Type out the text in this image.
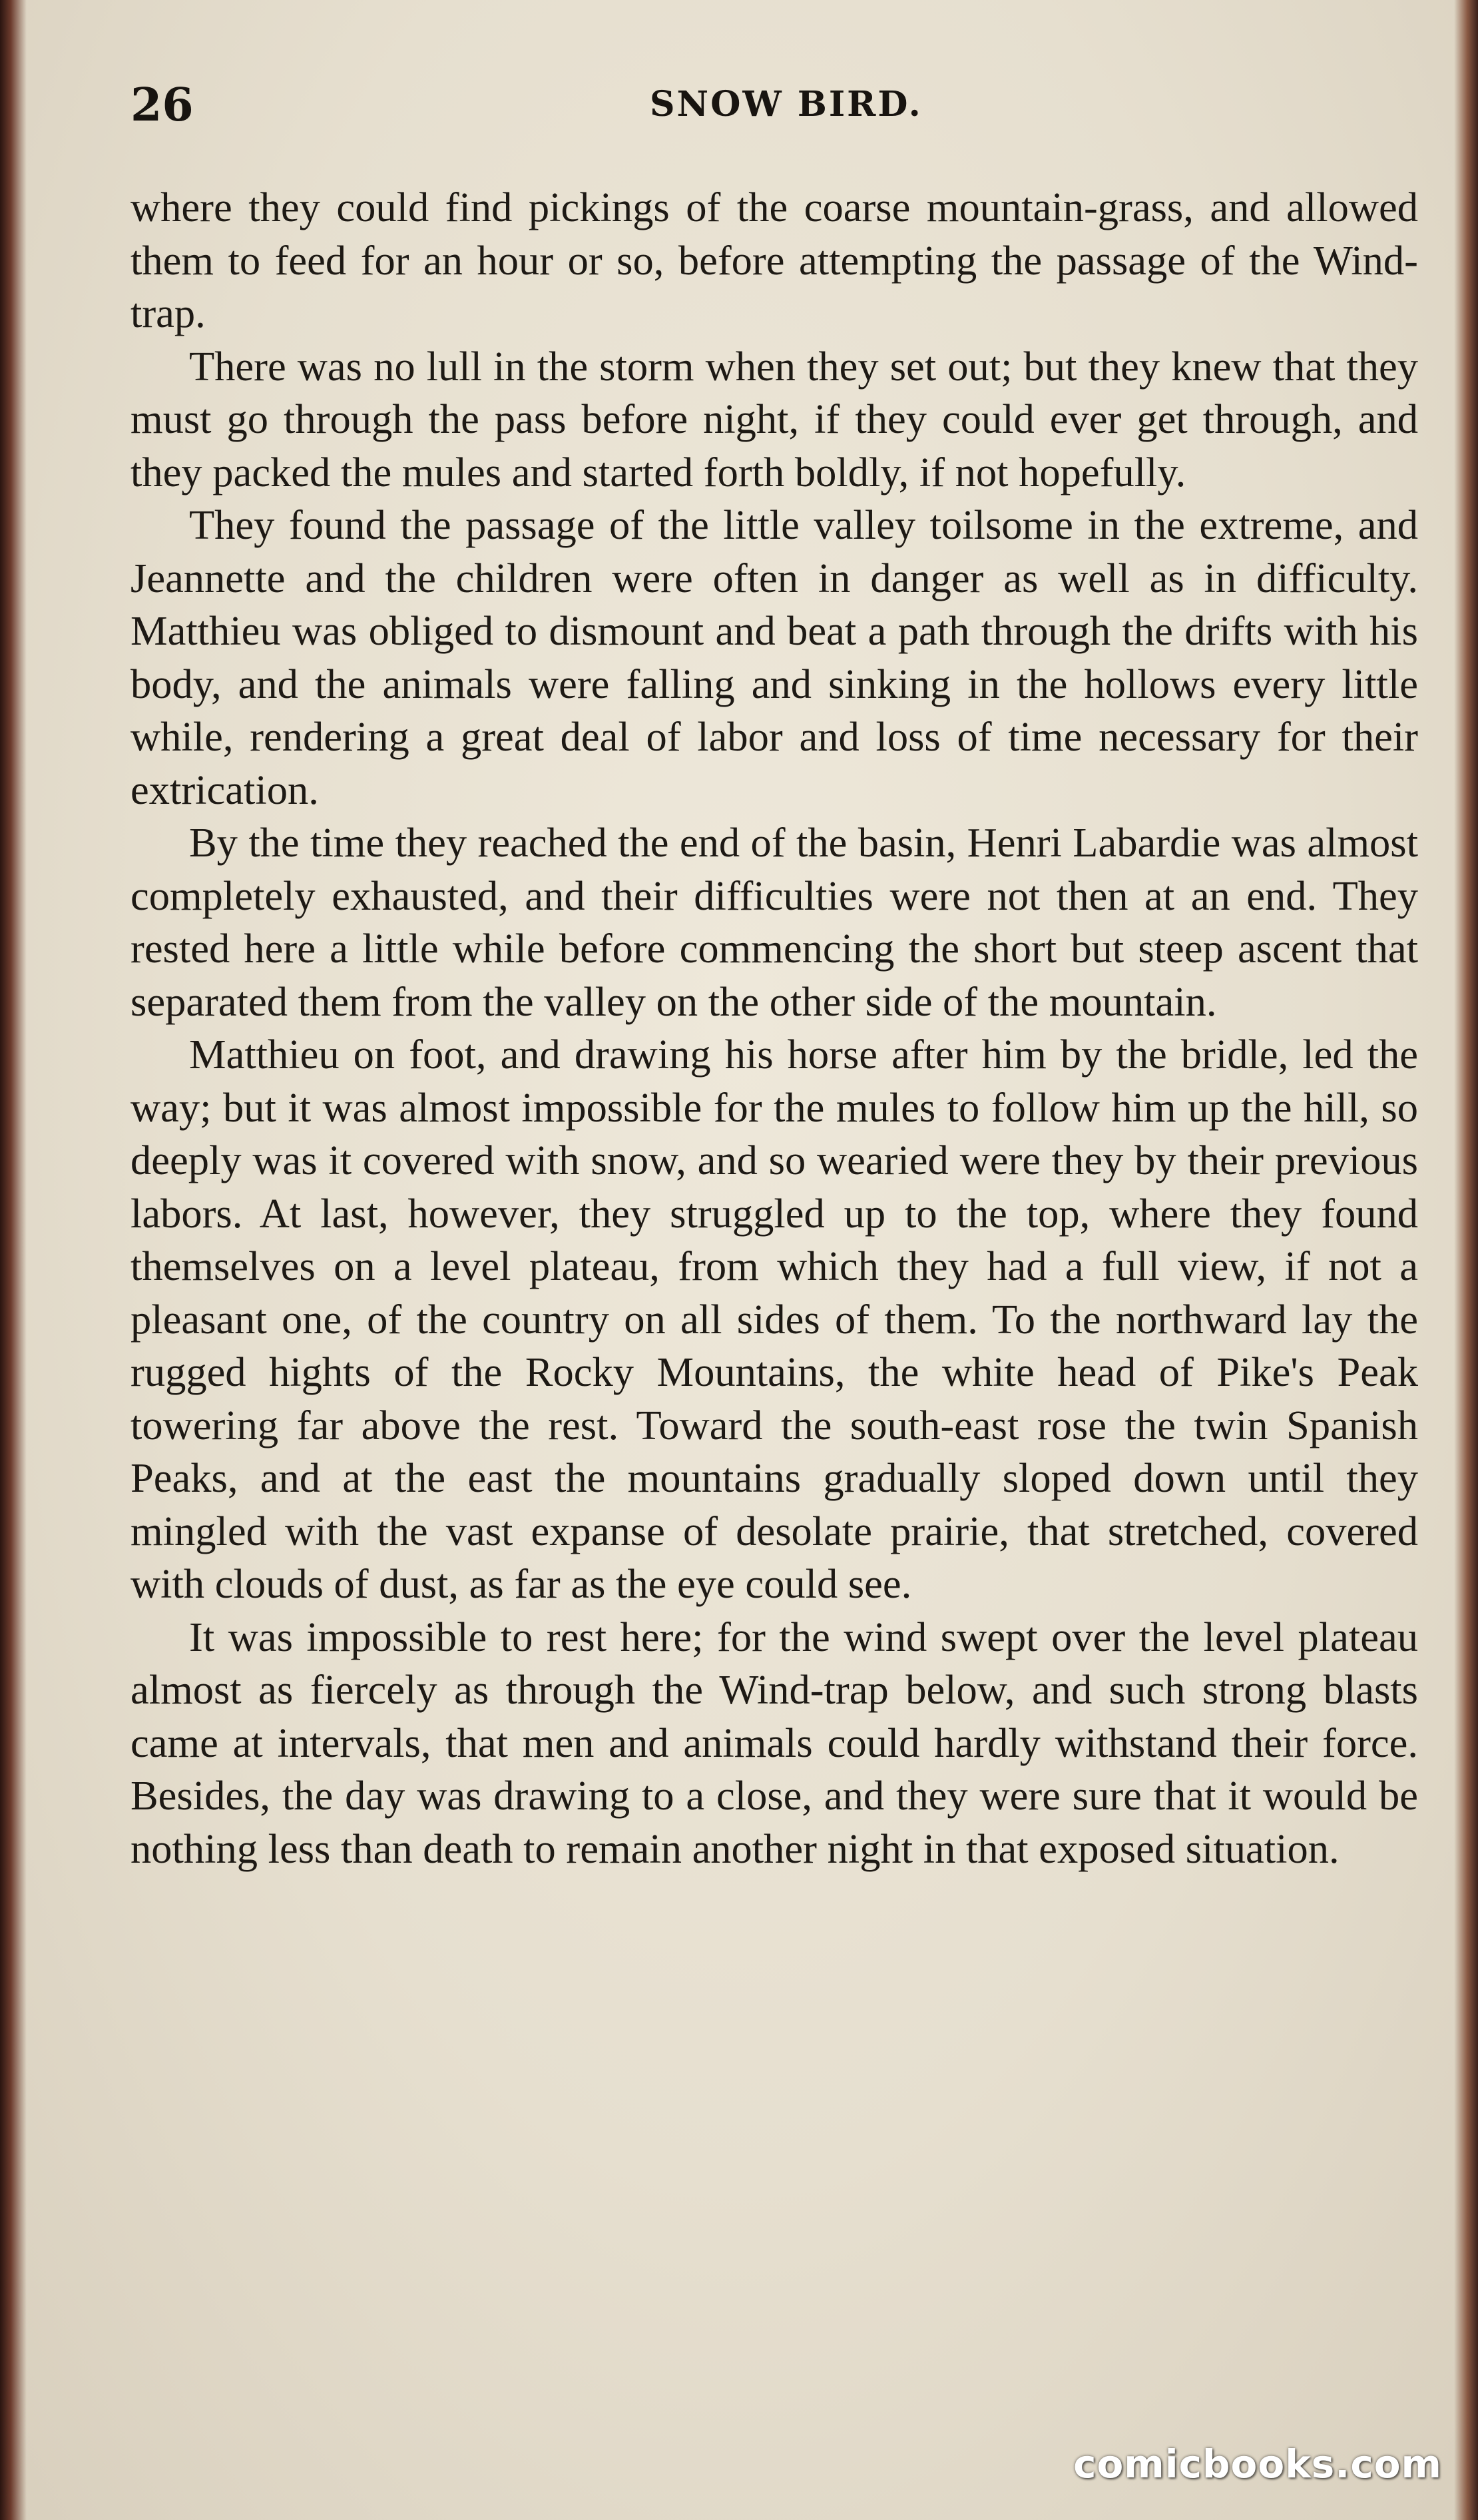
26	SNOW BIRD.

where they could find pickings of the coarse mountain-grass, and allowed them to feed for an hour or so, before attempting the passage of the Wind-trap.

There was no lull in the storm when they set out; but they knew that they must go through the pass before night, if they could ever get through, and they packed the mules and started forth boldly, if not hopefully.

They found the passage of the little valley toilsome in the extreme, and Jeannette and the children were often in danger as well as in difficulty. Matthieu was obliged to dismount and beat a path through the drifts with his body, and the animals were falling and sinking in the hollows every little while, rendering a great deal of labor and loss of time necessary for their extrication.

By the time they reached the end of the basin, Henri Labardie was almost completely exhausted, and their difficulties were not then at an end. They rested here a little while before commencing the short but steep ascent that separated them from the valley on the other side of the mountain.

Matthieu on foot, and drawing his horse after him by the bridle, led the way; but it was almost impossible for the mules to follow him up the hill, so deeply was it covered with snow, and so wearied were they by their previous labors. At last, however, they struggled up to the top, where they found themselves on a level plateau, from which they had a full view, if not a pleasant one, of the country on all sides of them. To the northward lay the rugged hights of the Rocky Mountains, the white head of Pike's Peak towering far above the rest. Toward the south-east rose the twin Spanish Peaks, and at the east the mountains gradually sloped down until they mingled with the vast expanse of desolate prairie, that stretched, covered with clouds of dust, as far as the eye could see.

It was impossible to rest here; for the wind swept over the level plateau almost as fiercely as through the Wind-trap below, and such strong blasts came at intervals, that men and animals could hardly withstand their force. Besides, the day was drawing to a close, and they were sure that it would be nothing less than death to remain another night in that exposed situation.

comicbooks.com
